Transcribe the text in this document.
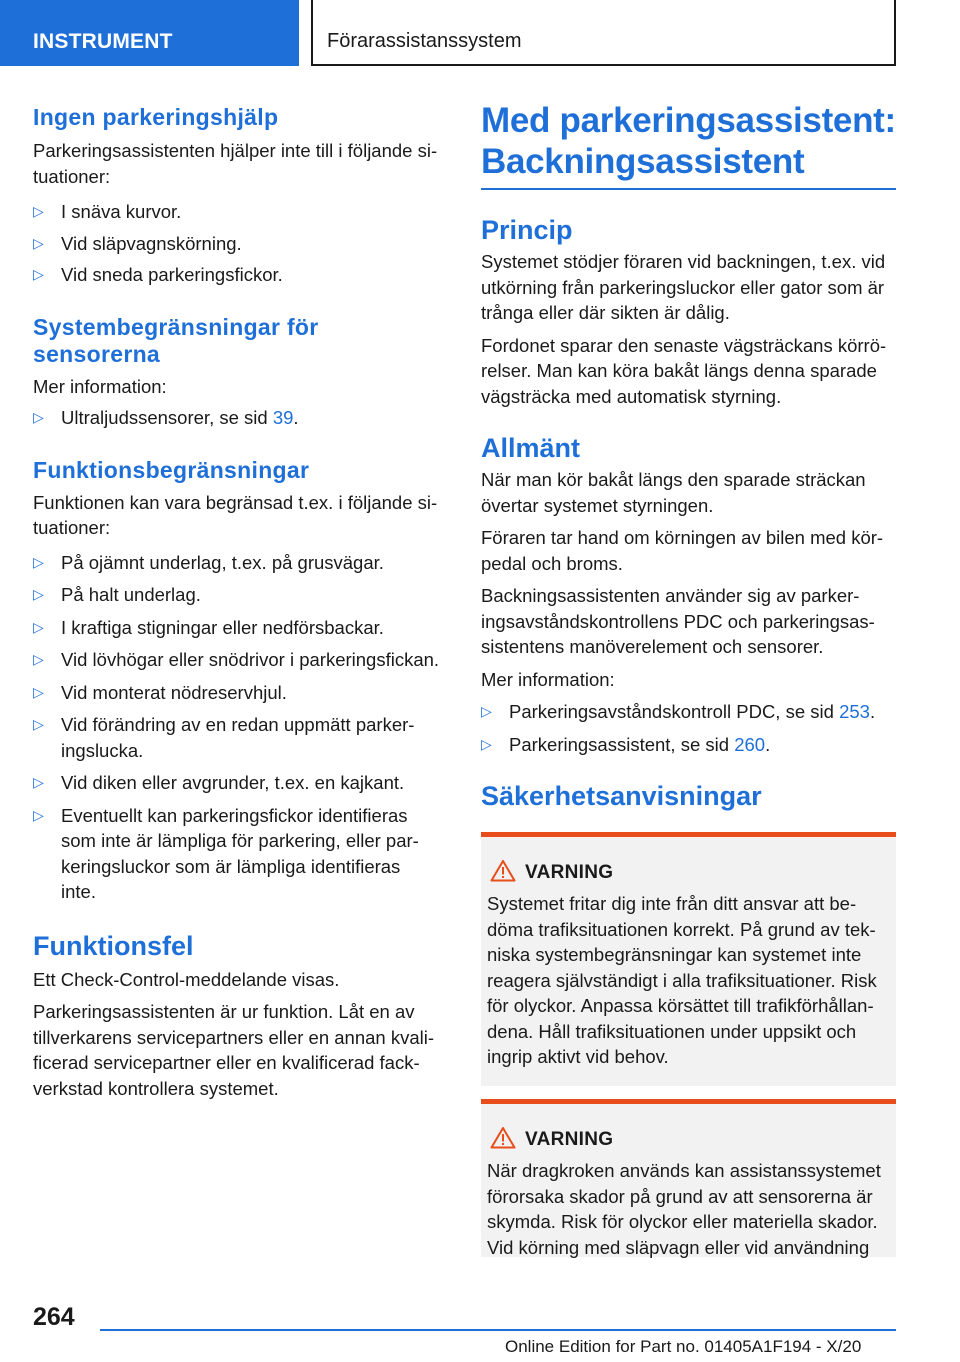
INSTRUMENT	Förarassistanssystem
Ingen parkeringshjälp
Parkeringsassistenten hjälper inte till i följande si-
tuationer:
▷ I snäva kurvor.
▷ Vid släpvagnskörning.
▷ Vid sneda parkeringsfickor.
Systembegränsningar för
sensorerna
Mer information:
▷ Ultraljudssensorer, se sid 39.
Funktionsbegränsningar
Funktionen kan vara begränsad t.ex. i följande si-
tuationer:
▷ På ojämnt underlag, t.ex. på grusvägar.
▷ På halt underlag.
▷ I kraftiga stigningar eller nedförsbackar.
▷ Vid lövhögar eller snödrivor i parkeringsfickan.
▷ Vid monterat nödreservhjul.
▷ Vid förändring av en redan uppmätt parker-
ingslucka.
▷ Vid diken eller avgrunder, t.ex. en kajkant.
▷ Eventuellt kan parkeringsfickor identifieras
som inte är lämpliga för parkering, eller par-
keringsluckor som är lämpliga identifieras
inte.
Funktionsfel
Ett Check-Control-meddelande visas.
Parkeringsassistenten är ur funktion. Låt en av
tillverkarens servicepartners eller en annan kvali-
ficerad servicepartner eller en kvalificerad fack-
verkstad kontrollera systemet.
Med parkeringsassistent:
Backningsassistent
Princip
Systemet stödjer föraren vid backningen, t.ex. vid
utkörning från parkeringsluckor eller gator som är
trånga eller där sikten är dålig.
Fordonet sparar den senaste vägsträckans körrö-
relser. Man kan köra bakåt längs denna sparade
vägsträcka med automatisk styrning.
Allmänt
När man kör bakåt längs den sparade sträckan
övertar systemet styrningen.
Föraren tar hand om körningen av bilen med kör-
pedal och broms.
Backningsassistenten använder sig av parker-
ingsavståndskontrollens PDC och parkeringsas-
sistentens manöverelement och sensorer.
Mer information:
▷ Parkeringsavståndskontroll PDC, se sid 253.
▷ Parkeringsassistent, se sid 260.
Säkerhetsanvisningar
VARNING
Systemet fritar dig inte från ditt ansvar att be-
döma trafiksituationen korrekt. På grund av tek-
niska systembegränsningar kan systemet inte
reagera självständigt i alla trafiksituationer. Risk
för olyckor. Anpassa körsättet till trafikförhållan-
dena. Håll trafiksituationen under uppsikt och
ingrip aktivt vid behov.
VARNING
När dragkroken används kan assistanssystemet
förorsaka skador på grund av att sensorerna är
skymda. Risk för olyckor eller materiella skador.
Vid körning med släpvagn eller vid användning
264
Online Edition for Part no. 01405A1F194 - X/20
